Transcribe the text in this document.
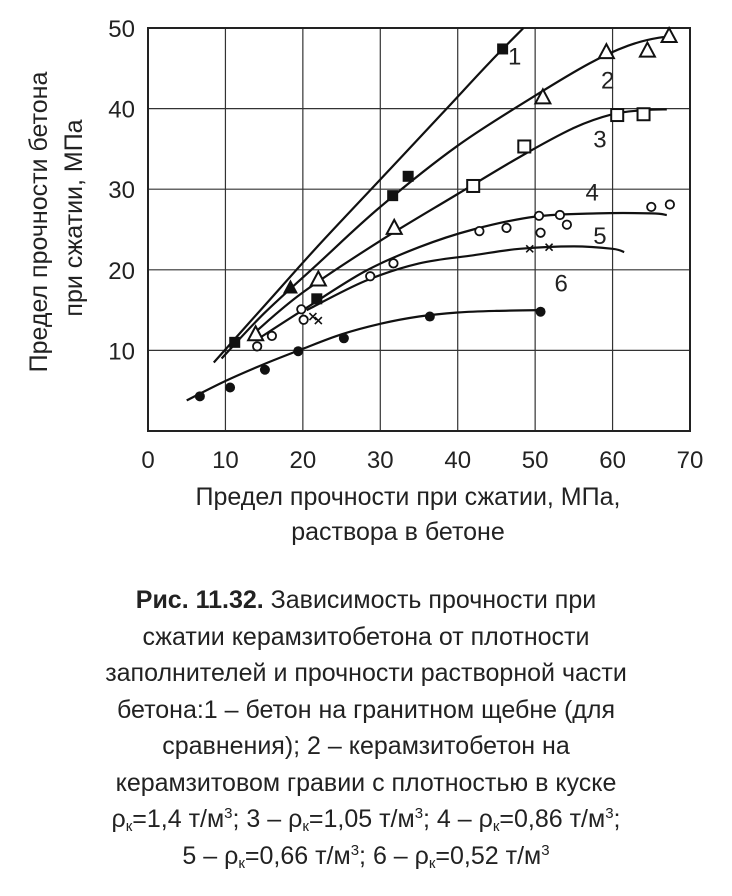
1
2
3
4
5
6
0 10 20 30 40 50 60 70
10
20
30
40
50
Предел прочности при сжатии, МПа,
раствора в бетоне
Предел прочности бетона при сжатии, МПа
Рис. 11.32. Зависимость прочности при
сжатии керамзитобетона от плотности
заполнителей и прочности растворной части
бетона:1 – бетон на гранитном щебне (для
сравнения); 2 – керамзитобетон на
керамзитовом гравии с плотностью в куске
$\rho_к=1,4$ $т/м^3$; $3 - \rho_к=1,05$ $т/м^3$; $4 - \rho_к=0,86$ $т/м^3$;
$5 - \rho_к=0,66$ $т/м^3$; $6 - \rho_к=0,52$ $т/м^3$
